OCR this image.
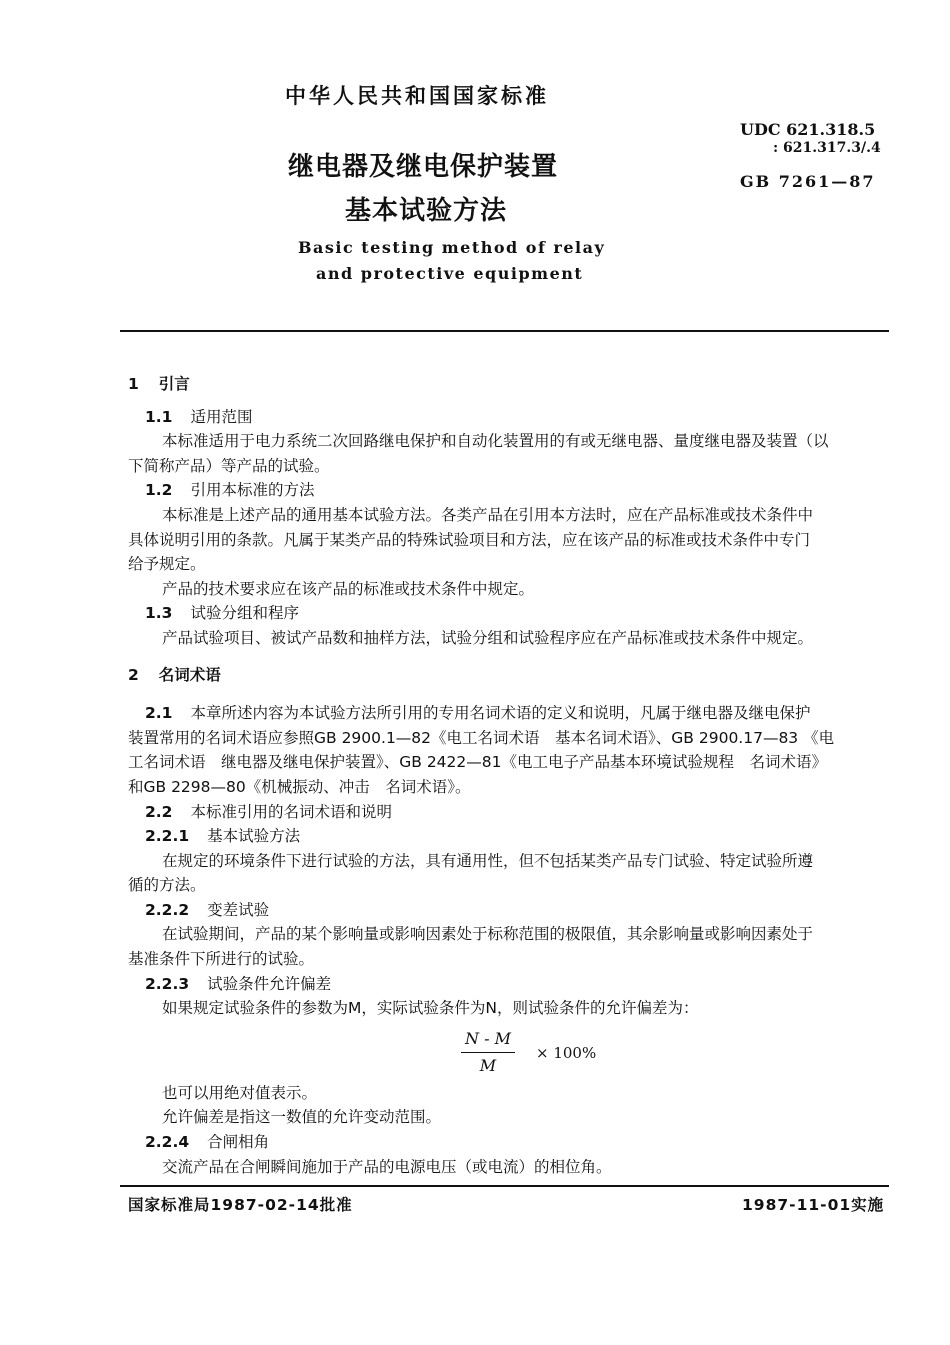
中华人民共和国国家标准
继电器及继电保护装置
基本试验方法
Basic testing method of relay
and protective equipment
UDC 621.318.5
: 621.317.3/.4
GB 7261—87
1 引言
1.1 适用范围
本标准适用于电力系统二次回路继电保护和自动化装置用的有或无继电器、量度继电器及装置（以
下简称产品）等产品的试验。
1.2 引用本标准的方法
本标准是上述产品的通用基本试验方法。各类产品在引用本方法时，应在产品标准或技术条件中
具体说明引用的条款。凡属于某类产品的特殊试验项目和方法，应在该产品的标准或技术条件中专门
给予规定。
产品的技术要求应在该产品的标准或技术条件中规定。
1.3 试验分组和程序
产品试验项目、被试产品数和抽样方法，试验分组和试验程序应在产品标准或技术条件中规定。
2 名词术语
2.1 本章所述内容为本试验方法所引用的专用名词术语的定义和说明，凡属于继电器及继电保护
装置常用的名词术语应参照GB 2900.1—82《电工名词术语　基本名词术语》、GB 2900.17—83 《电
工名词术语　继电器及继电保护装置》、GB 2422—81《电工电子产品基本环境试验规程　名词术语》
和GB 2298—80《机械振动、冲击　名词术语》。
2.2 本标准引用的名词术语和说明
2.2.1 基本试验方法
在规定的环境条件下进行试验的方法，具有通用性，但不包括某类产品专门试验、特定试验所遵
循的方法。
2.2.2 变差试验
在试验期间，产品的某个影响量或影响因素处于标称范围的极限值，其余影响量或影响因素处于
基准条件下所进行的试验。
2.2.3 试验条件允许偏差
如果规定试验条件的参数为M，实际试验条件为N，则试验条件的允许偏差为：
$\frac{N - M}{M} \times 100\%$
也可以用绝对值表示。
允许偏差是指这一数值的允许变动范围。
2.2.4 合闸相角
交流产品在合闸瞬间施加于产品的电源电压（或电流）的相位角。
国家标准局1987-02-14批准	1987-11-01实施
